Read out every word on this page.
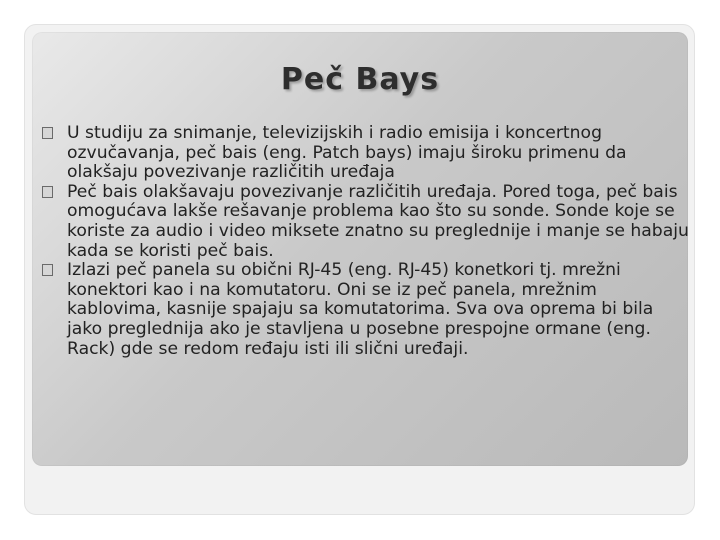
Peč Bays
U studiju za snimanje, televizijskih i radio emisija i koncertnog ozvučavanja, peč bais (eng. Patch bays) imaju široku primenu da olakšaju povezivanje različitih uređaja
Peč bais olakšavaju povezivanje različitih uređaja. Pored toga, peč bais omogućava lakše rešavanje problema kao što su sonde. Sonde koje se koriste za audio i video miksete znatno su preglednije i manje se habaju kada se koristi peč bais.
Izlazi peč panela su obični RJ-45 (eng. RJ-45) konetkori tj. mrežni konektori kao i na komutatoru. Oni se iz peč panela, mrežnim kablovima, kasnije spajaju sa komutatorima. Sva ova oprema bi bila jako preglednija ako je stavljena u posebne prespojne ormane (eng. Rack) gde se redom ređaju isti ili slični uređaji.
